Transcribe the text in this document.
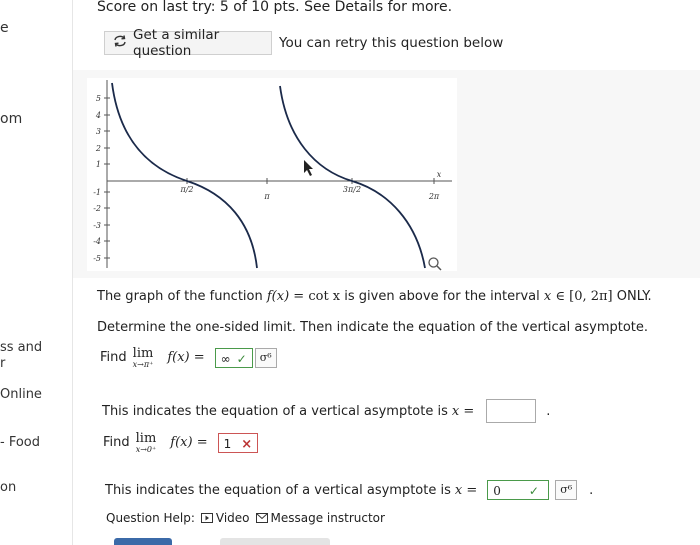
e
om
ss and
r
Online
- Food
on
Score on last try: 5 of 10 pts. See Details for more.
Get a similar question	You can retry this question below
5
4
3
2
1
-1
-2
-3
-4
-5
π/2
π
3π/2
2π
x
The graph of the function f(x) = cot x is given above for the interval x ∈ [0, 2π] ONLY.
Determine the one-sided limit. Then indicate the equation of the vertical asymptote.
Find lim
x→π⁺ f(x) =	∞ ✓	σ⁶
This indicates the equation of a vertical asymptote is x =	.
Find lim
x→0⁺ f(x) =	1 ×
This indicates the equation of a vertical asymptote is x =	0 ✓	σ⁶	.
Question Help: Video Message instructor
